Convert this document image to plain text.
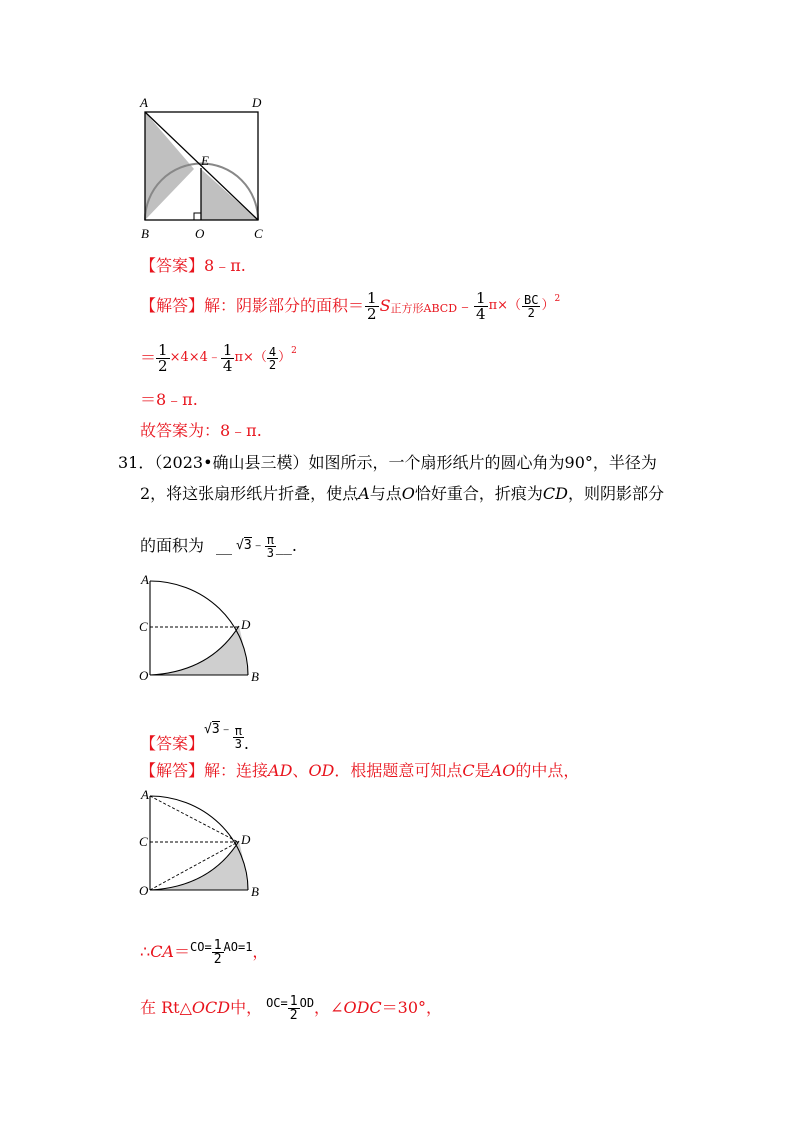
A	D
E
B	O	C
【答案】8﹣π.
【解答】 解：阴影部分的面积＝ $\frac{1}{2}$ S 正方形ABCD ﹣ $\frac{1}{4} \pi\times( \frac{BC}{2}$ ） 2
＝ $\frac{1}{2}$ ×4×4﹣ $\frac{1}{4} \pi\times( \frac{4}{2}$ ） 2
＝8﹣π.
故答案为：8﹣π.
31．（2023•确山县三模）如图所示，一个扇形纸片的圆心角为90°，半径为
2，将这张扇形纸片折叠，使点A与点O恰好重合，折痕为CD，则阴影部分
的面积为 __ √3﹣ $\frac{\pi}{3}$ __.
A
C	D
O	B
【答案】
√3﹣ $\frac{\pi}{3}$ .
【解答】解：连接AD、OD．根据题意可知点C是AO的中点，
A
C	D
O	B
∴ CA ＝ $CO= \frac{1}{2} AO=1$ ，
在 Rt△ OCD 中， $OC= \frac{1}{2}$ OD ， ∠ ODC ＝30°，
